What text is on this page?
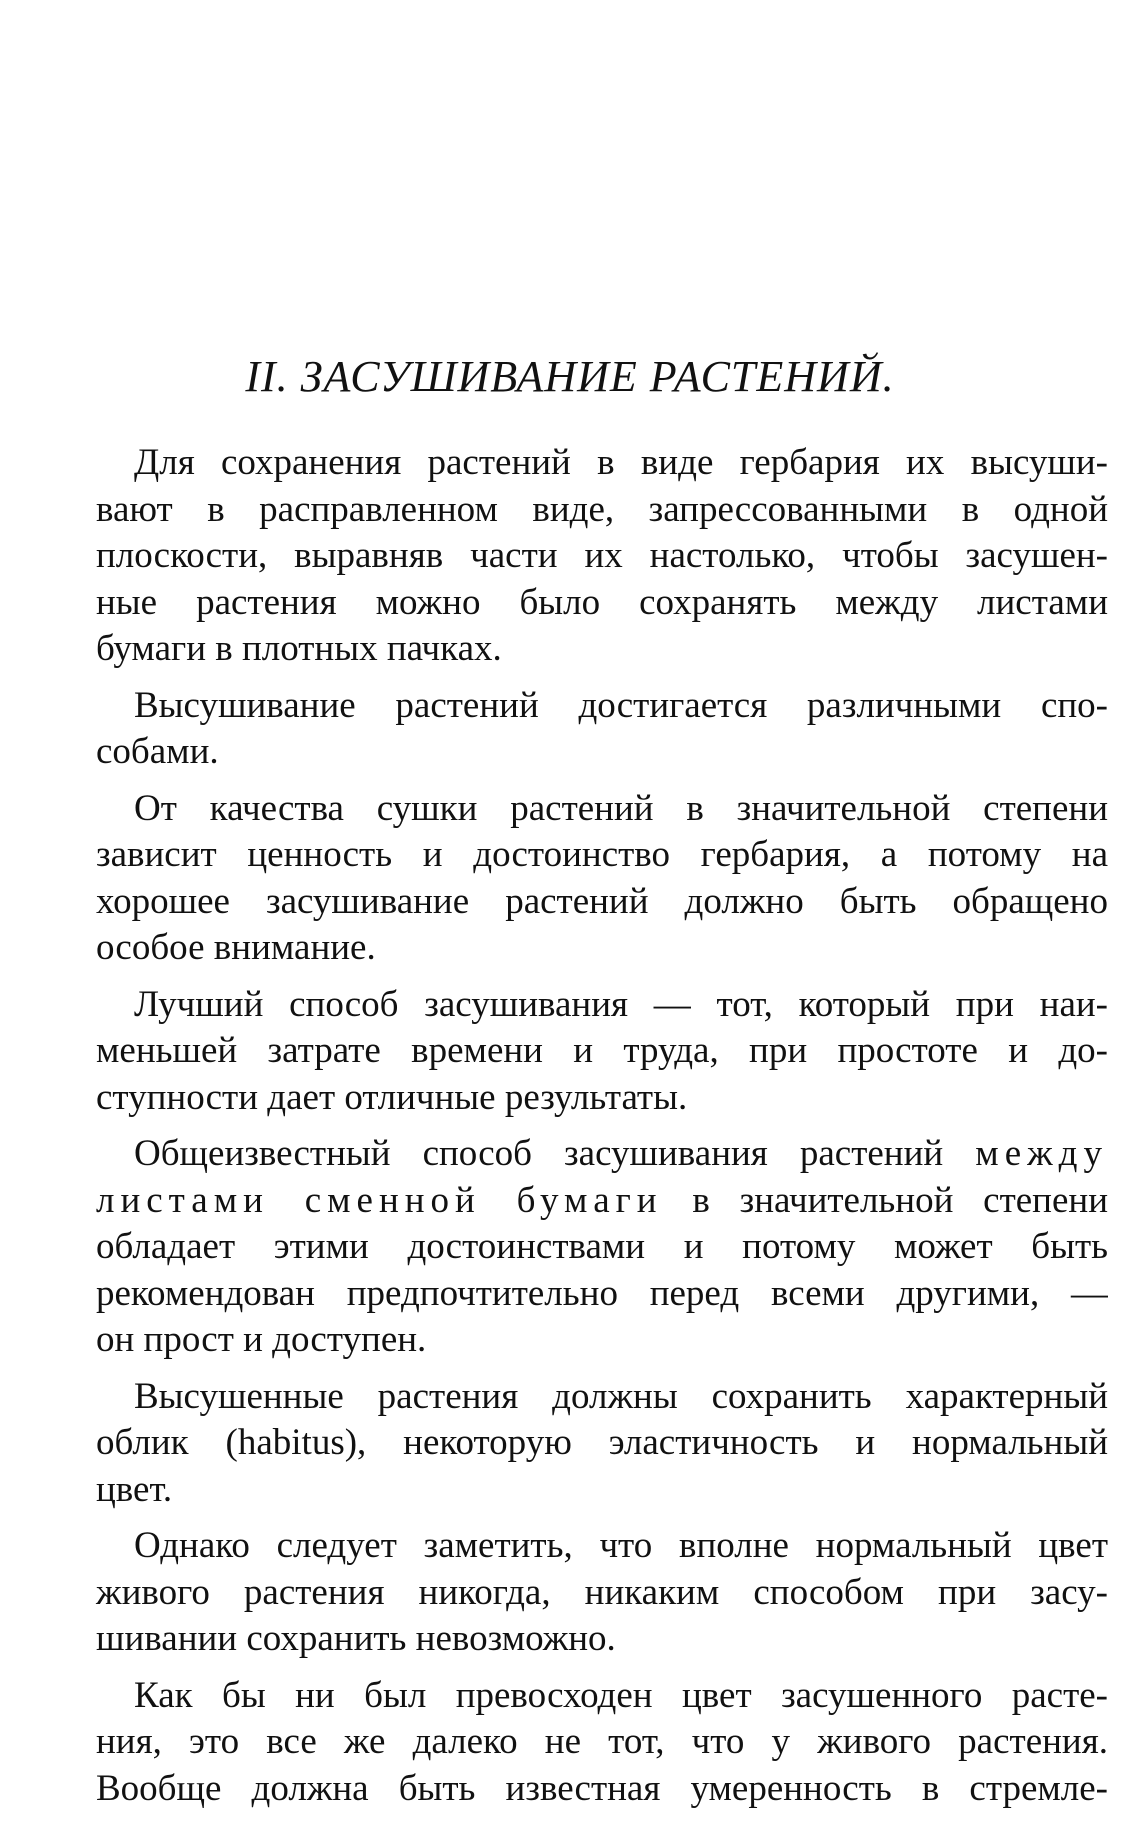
II. ЗАСУШИВАНИЕ РАСТЕНИЙ.

Для сохранения растений в виде гербария их высуши-
вают в расправленном виде, запрессованными в одной
плоскости, выравняв части их настолько, чтобы засушен-
ные растения можно было сохранять между листами
бумаги в плотных пачках.

Высушивание растений достигается различными спо-
собами.

От качества сушки растений в значительной степени
зависит ценность и достоинство гербария, а потому на
хорошее засушивание растений должно быть обращено
особое внимание.

Лучший способ засушивания — тот, который при наи-
меньшей затрате времени и труда, при простоте и до-
ступности дает отличные результаты.

Общеизвестный способ засушивания растений между
листами сменной бумаги в значительной степени
обладает этими достоинствами и потому может быть
рекомендован предпочтительно перед всеми другими, —
он прост и доступен.

Высушенные растения должны сохранить характерный
облик (habitus), некоторую эластичность и нормальный
цвет.

Однако следует заметить, что вполне нормальный цвет
живого растения никогда, никаким способом при засу-
шивании сохранить невозможно.

Как бы ни был превосходен цвет засушенного расте-
ния, это все же далеко не тот, что у живого растения.
Вообще должна быть известная умеренность в стремле-
